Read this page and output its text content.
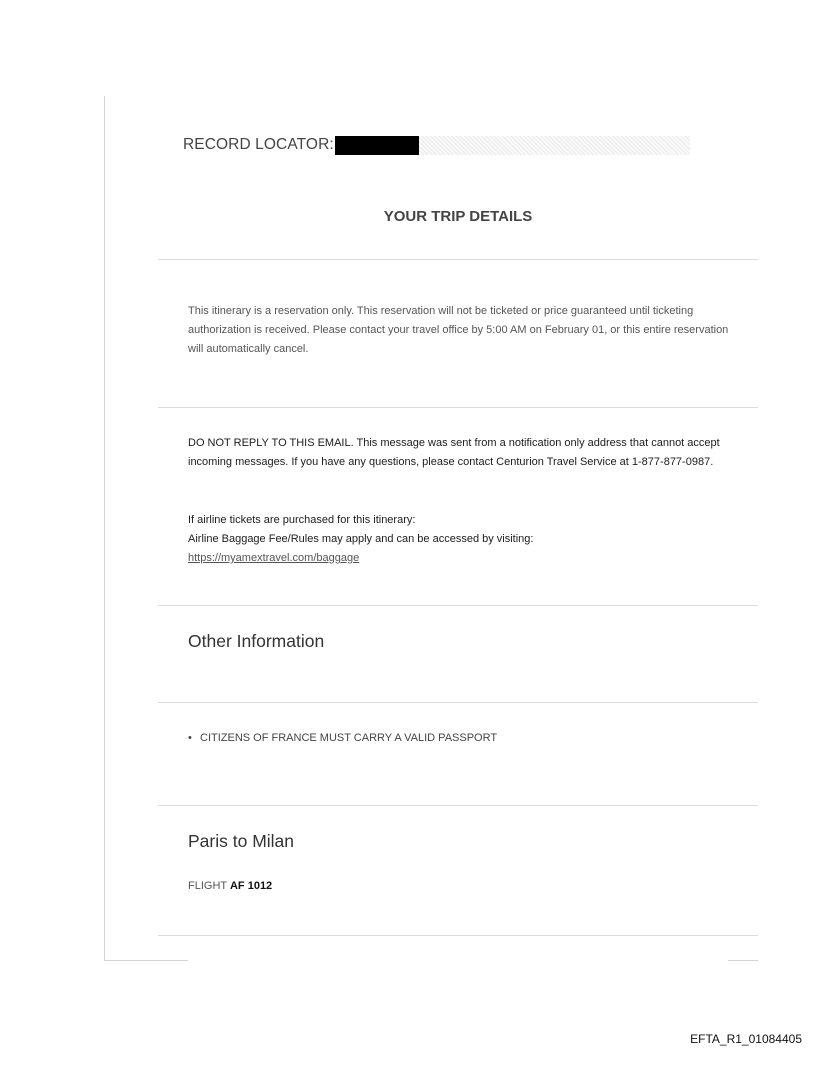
RECORD LOCATOR:
YOUR TRIP DETAILS
This itinerary is a reservation only. This reservation will not be ticketed or price guaranteed until ticketing authorization is received. Please contact your travel office by 5:00 AM on February 01, or this entire reservation will automatically cancel.
DO NOT REPLY TO THIS EMAIL. This message was sent from a notification only address that cannot accept incoming messages. If you have any questions, please contact Centurion Travel Service at 1-877-877-0987.
If airline tickets are purchased for this itinerary:
Airline Baggage Fee/Rules may apply and can be accessed by visiting:
https://myamextravel.com/baggage
Other Information
• CITIZENS OF FRANCE MUST CARRY A VALID PASSPORT
Paris to Milan
FLIGHT AF 1012
EFTA_R1_01084405
